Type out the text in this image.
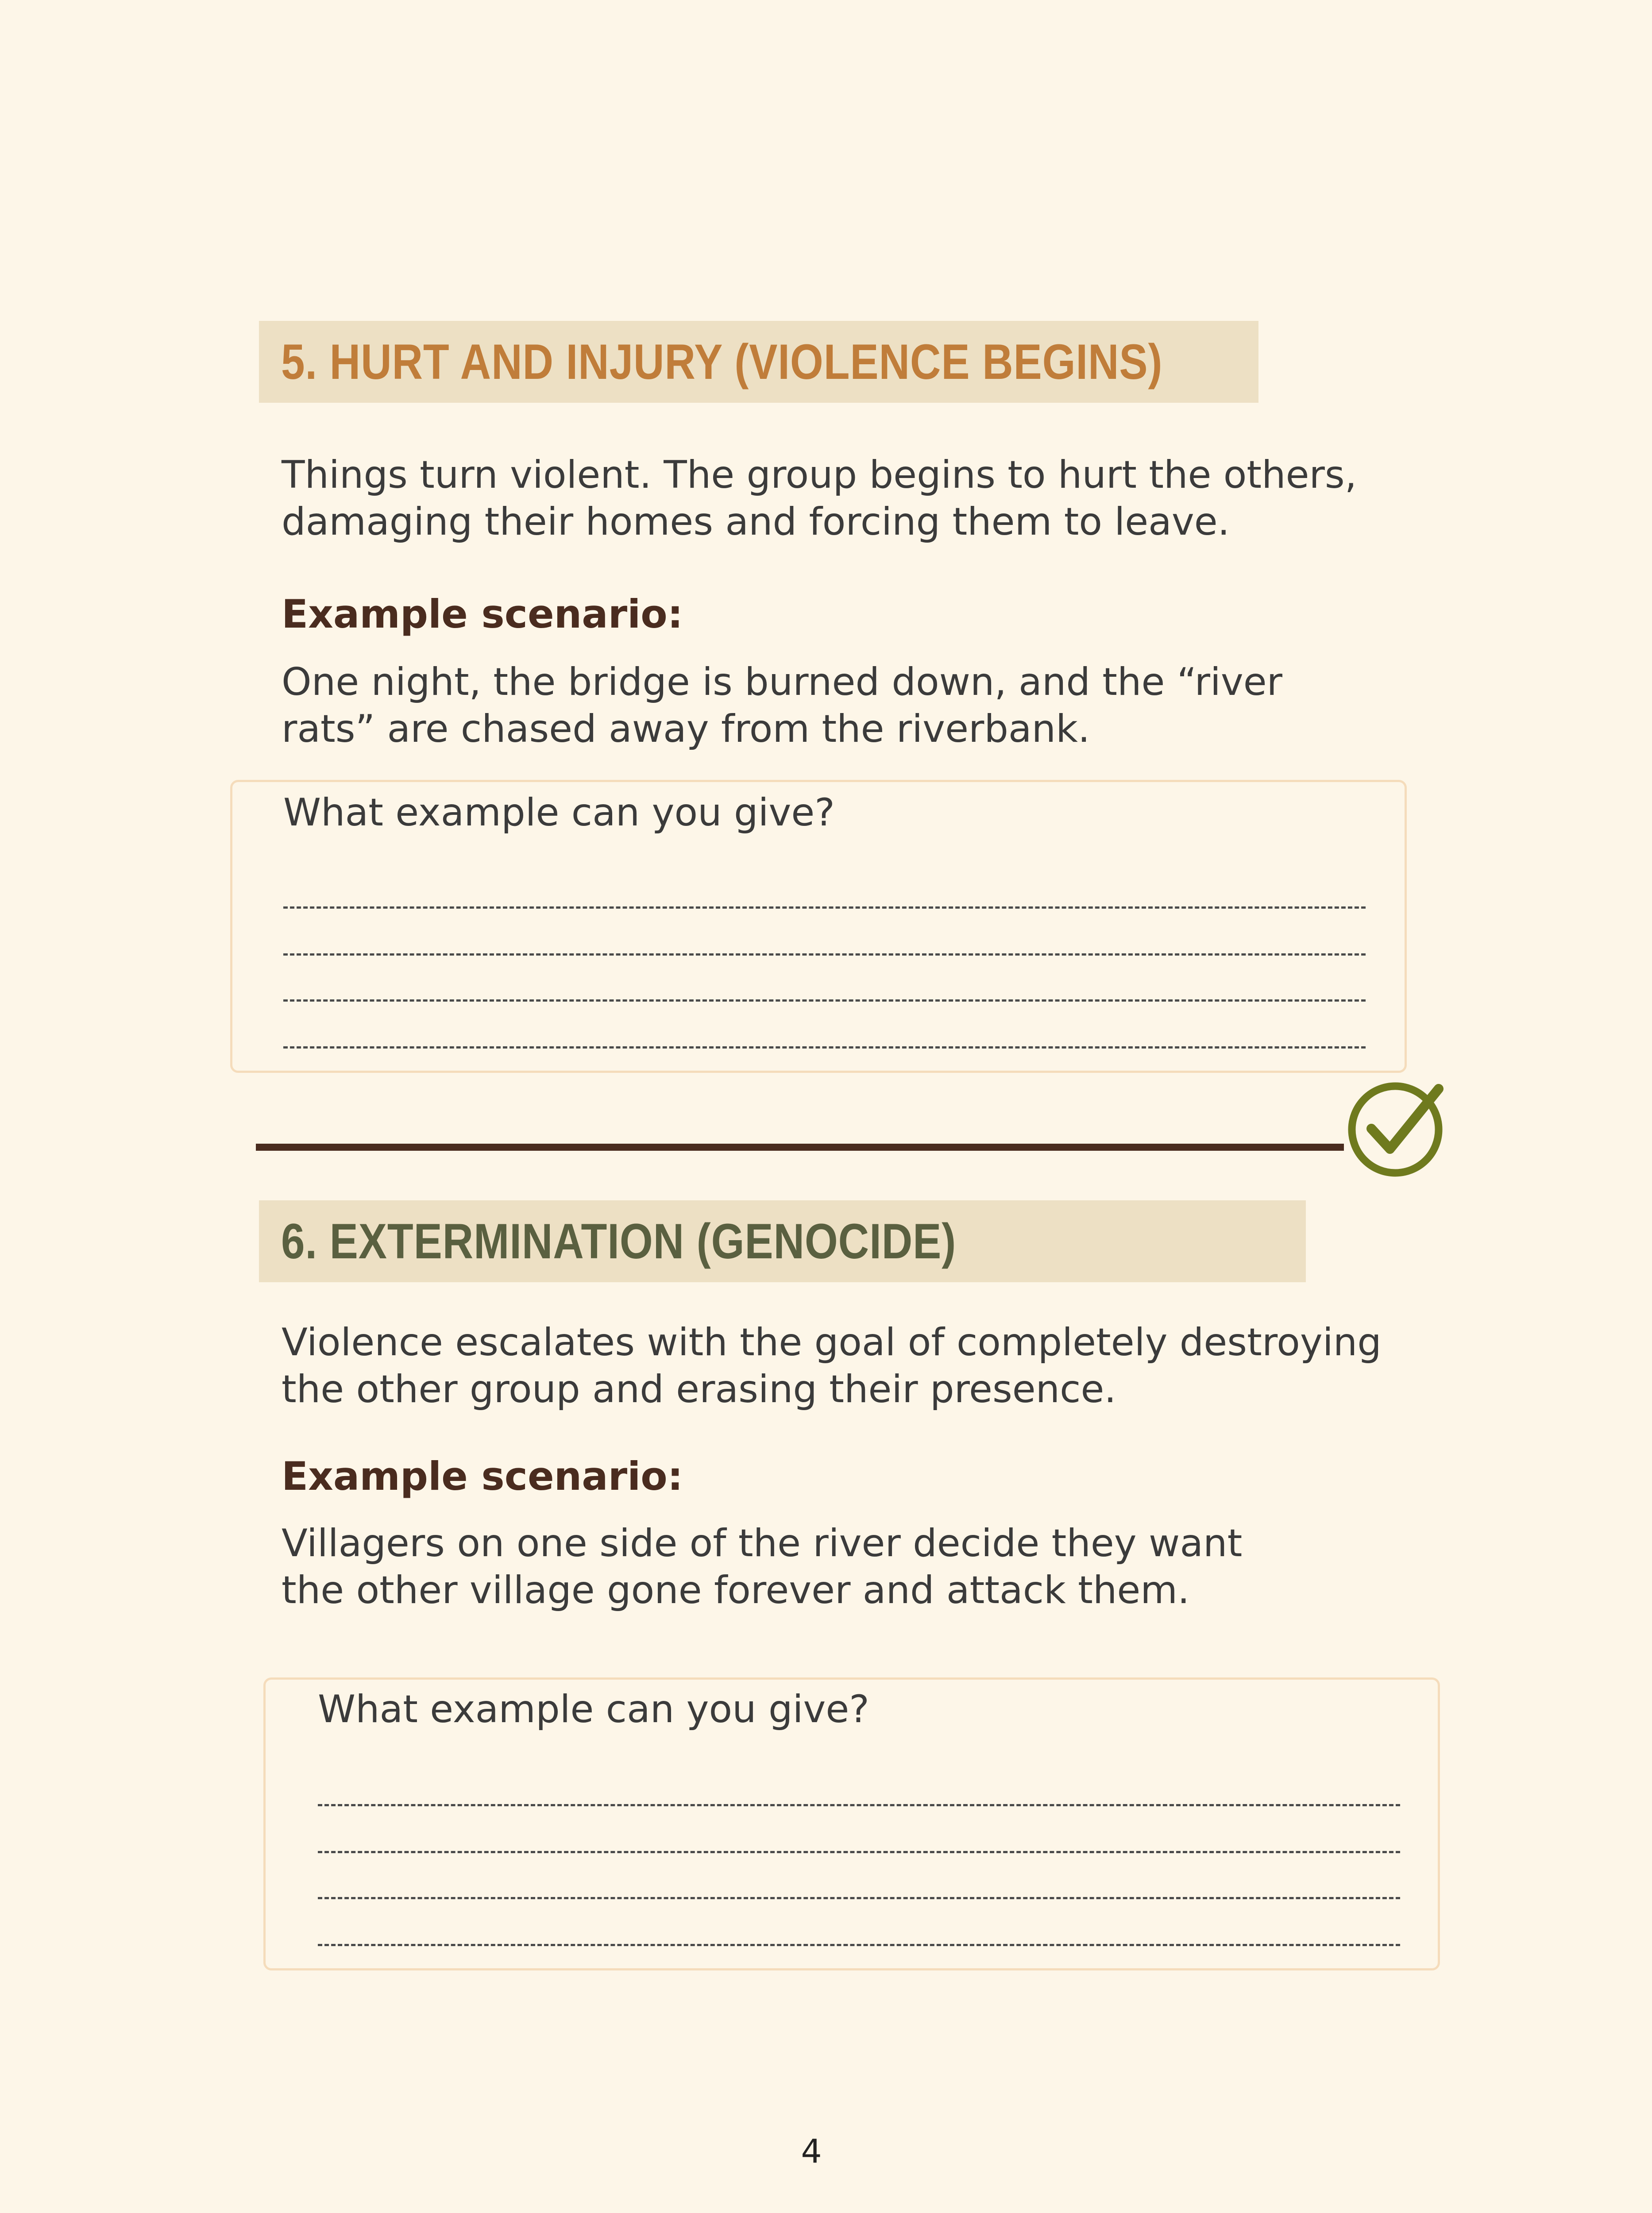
5. HURT AND INJURY (VIOLENCE BEGINS)
Things turn violent. The group begins to hurt the others,
damaging their homes and forcing them to leave.
Example scenario:
One night, the bridge is burned down, and the “river
rats” are chased away from the riverbank.
What example can you give?
6. EXTERMINATION (GENOCIDE)
Violence escalates with the goal of completely destroying
the other group and erasing their presence.
Example scenario:
Villagers on one side of the river decide they want
the other village gone forever and attack them.
What example can you give?
4
